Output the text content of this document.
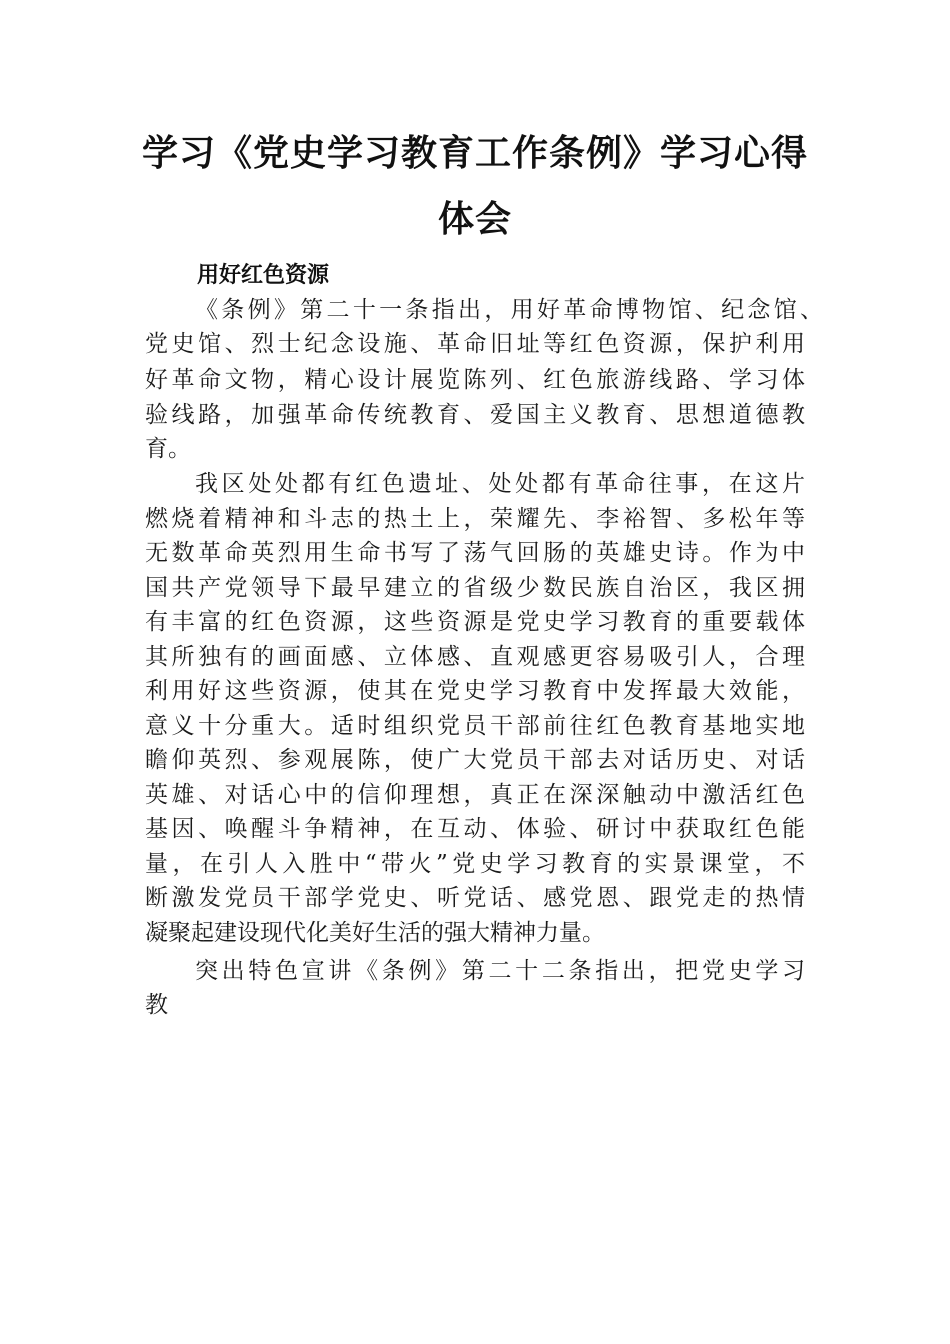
学习《党史学习教育工作条例》学习心得
体会
用好红色资源

《条例》第二十一条指出，用好革命博物馆、纪念馆、

党史馆、烈士纪念设施、革命旧址等红色资源，保护利用

好革命文物，精心设计展览陈列、红色旅游线路、学习体

验线路，加强革命传统教育、爱国主义教育、思想道德教

育。

我区处处都有红色遗址、处处都有革命往事，在这片

燃烧着精神和斗志的热土上，荣耀先、李裕智、多松年等

无数革命英烈用生命书写了荡气回肠的英雄史诗。作为中

国共产党领导下最早建立的省级少数民族自治区，我区拥

有丰富的红色资源，这些资源是党史学习教育的重要载体

其所独有的画面感、立体感、直观感更容易吸引人，合理

利用好这些资源，使其在党史学习教育中发挥最大效能，

意义十分重大。适时组织党员干部前往红色教育基地实地

瞻仰英烈、参观展陈，使广大党员干部去对话历史、对话

英雄、对话心中的信仰理想，真正在深深触动中激活红色

基因、唤醒斗争精神，在互动、体验、研讨中获取红色能

量，在引人入胜中“带火”党史学习教育的实景课堂，不

断激发党员干部学党史、听党话、感党恩、跟党走的热情

凝聚起建设现代化美好生活的强大精神力量。

突出特色宣讲《条例》第二十二条指出，把党史学习

教
